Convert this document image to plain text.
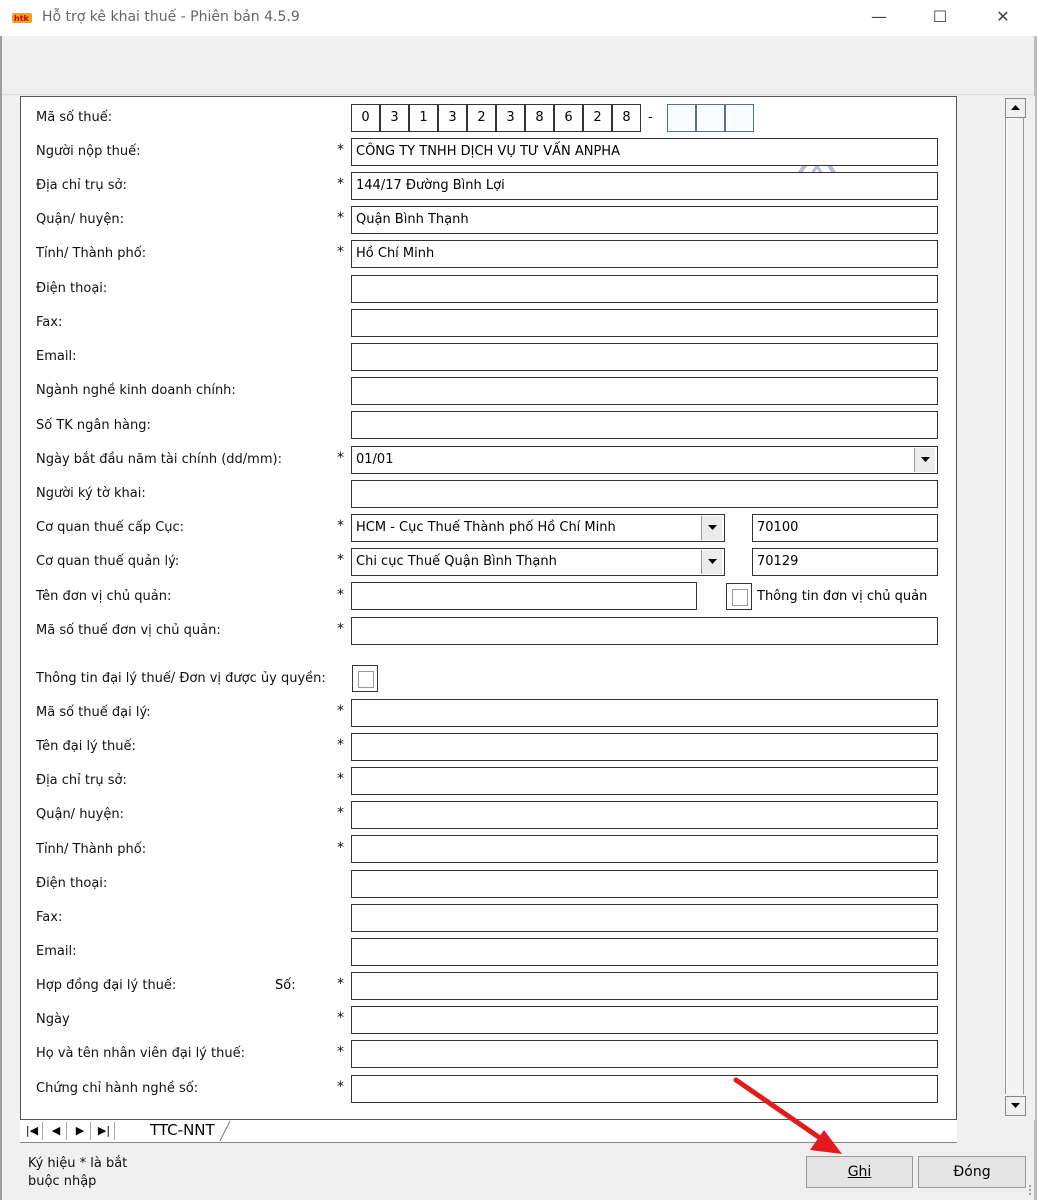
htk Hỗ trợ kê khai thuế - Phiên bản 4.5.9	—	☐	✕
Mã số thuế:	0	3	1	3	2	3	8	6	2	8	-
Người nộp thuế:	* CÔNG TY TNHH DỊCH VỤ TƯ VẤN ANPHA
Địa chỉ trụ sở:	* 144/17 Đường Bình Lợi
Quận/ huyện:	* Quận Bình Thạnh
Tỉnh/ Thành phố:	* Hồ Chí Minh
Điện thoại:
Fax:
Email:
Ngành nghề kinh doanh chính:
Số TK ngân hàng:
Ngày bắt đầu năm tài chính (dd/mm):	* 01/01
Người ký tờ khai:
Cơ quan thuế cấp Cục:	* HCM - Cục Thuế Thành phố Hồ Chí Minh	70100
Cơ quan thuế quản lý:	* Chi cục Thuế Quận Bình Thạnh	70129
Tên đơn vị chủ quản:	*	Thông tin đơn vị chủ quản
Mã số thuế đơn vị chủ quản:	*
Thông tin đại lý thuế/ Đơn vị được ủy quyền:
Mã số thuế đại lý:	*
Tên đại lý thuế:	*
Địa chỉ trụ sở:	*
Quận/ huyện:	*
Tỉnh/ Thành phố:	*
Điện thoại:
Fax:
Email:
Hợp đồng đại lý thuế:	Số:	*
Ngày	*
Họ và tên nhân viên đại lý thuế:	*
Chứng chỉ hành nghề số:	*
|◀	◀	▶	▶|	TTC-NNT
Ký hiệu * là bắt
buộc nhập
Ghi	Đóng
